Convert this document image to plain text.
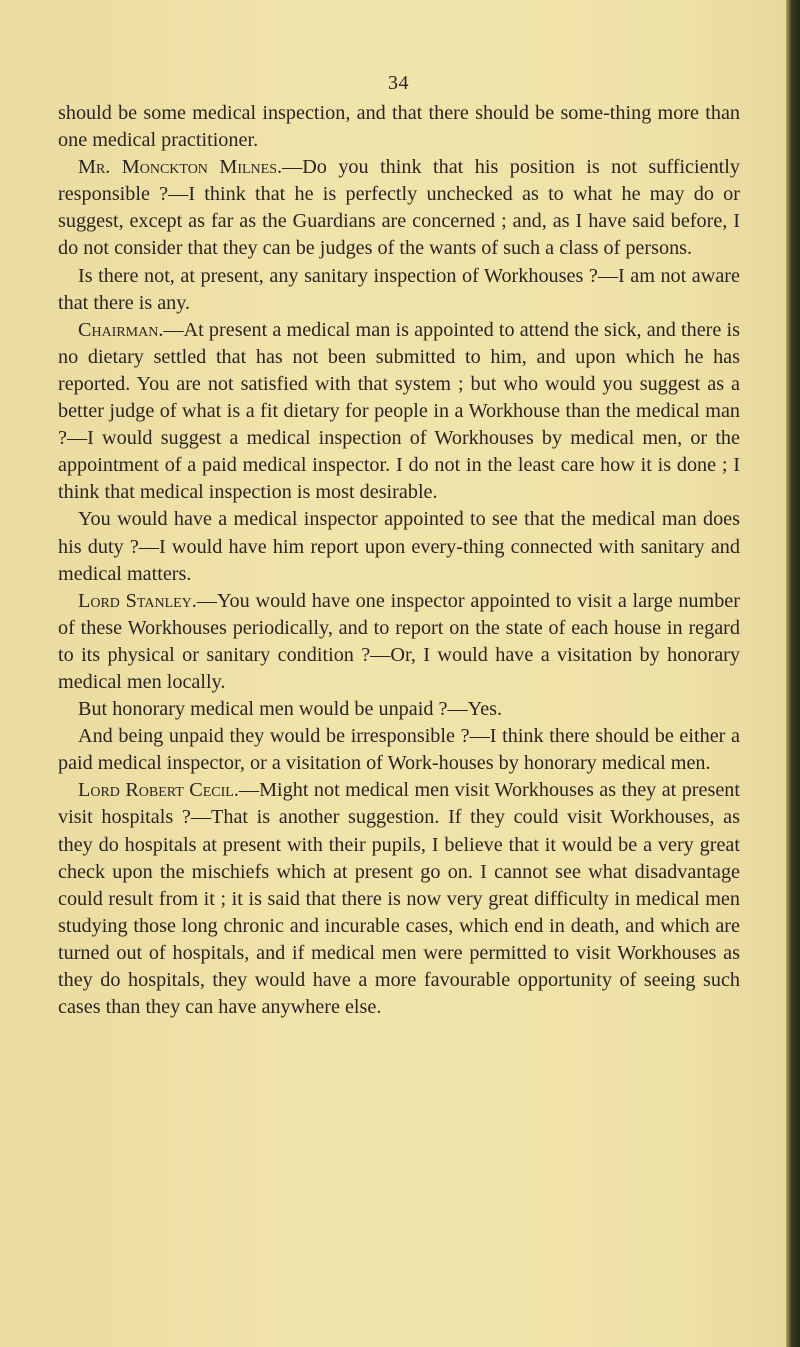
34

should be some medical inspection, and that there should be some-thing more than one medical practitioner.

Mr. Monckton Milnes.—Do you think that his position is not sufficiently responsible ?—I think that he is perfectly unchecked as to what he may do or suggest, except as far as the Guardians are concerned ; and, as I have said before, I do not consider that they can be judges of the wants of such a class of persons.

Is there not, at present, any sanitary inspection of Workhouses ?—I am not aware that there is any.

Chairman.—At present a medical man is appointed to attend the sick, and there is no dietary settled that has not been submitted to him, and upon which he has reported. You are not satisfied with that system ; but who would you suggest as a better judge of what is a fit dietary for people in a Workhouse than the medical man ?—I would suggest a medical inspection of Workhouses by medical men, or the appointment of a paid medical inspector. I do not in the least care how it is done ; I think that medical inspection is most desirable.

You would have a medical inspector appointed to see that the medical man does his duty ?—I would have him report upon every-thing connected with sanitary and medical matters.

Lord Stanley.—You would have one inspector appointed to visit a large number of these Workhouses periodically, and to report on the state of each house in regard to its physical or sanitary condition ?—Or, I would have a visitation by honorary medical men locally.

But honorary medical men would be unpaid ?—Yes.

And being unpaid they would be irresponsible ?—I think there should be either a paid medical inspector, or a visitation of Work-houses by honorary medical men.

Lord Robert Cecil.—Might not medical men visit Workhouses as they at present visit hospitals ?—That is another suggestion. If they could visit Workhouses, as they do hospitals at present with their pupils, I believe that it would be a very great check upon the mischiefs which at present go on. I cannot see what disadvantage could result from it ; it is said that there is now very great difficulty in medical men studying those long chronic and incurable cases, which end in death, and which are turned out of hospitals, and if medical men were permitted to visit Workhouses as they do hospitals, they would have a more favourable opportunity of seeing such cases than they can have anywhere else.
